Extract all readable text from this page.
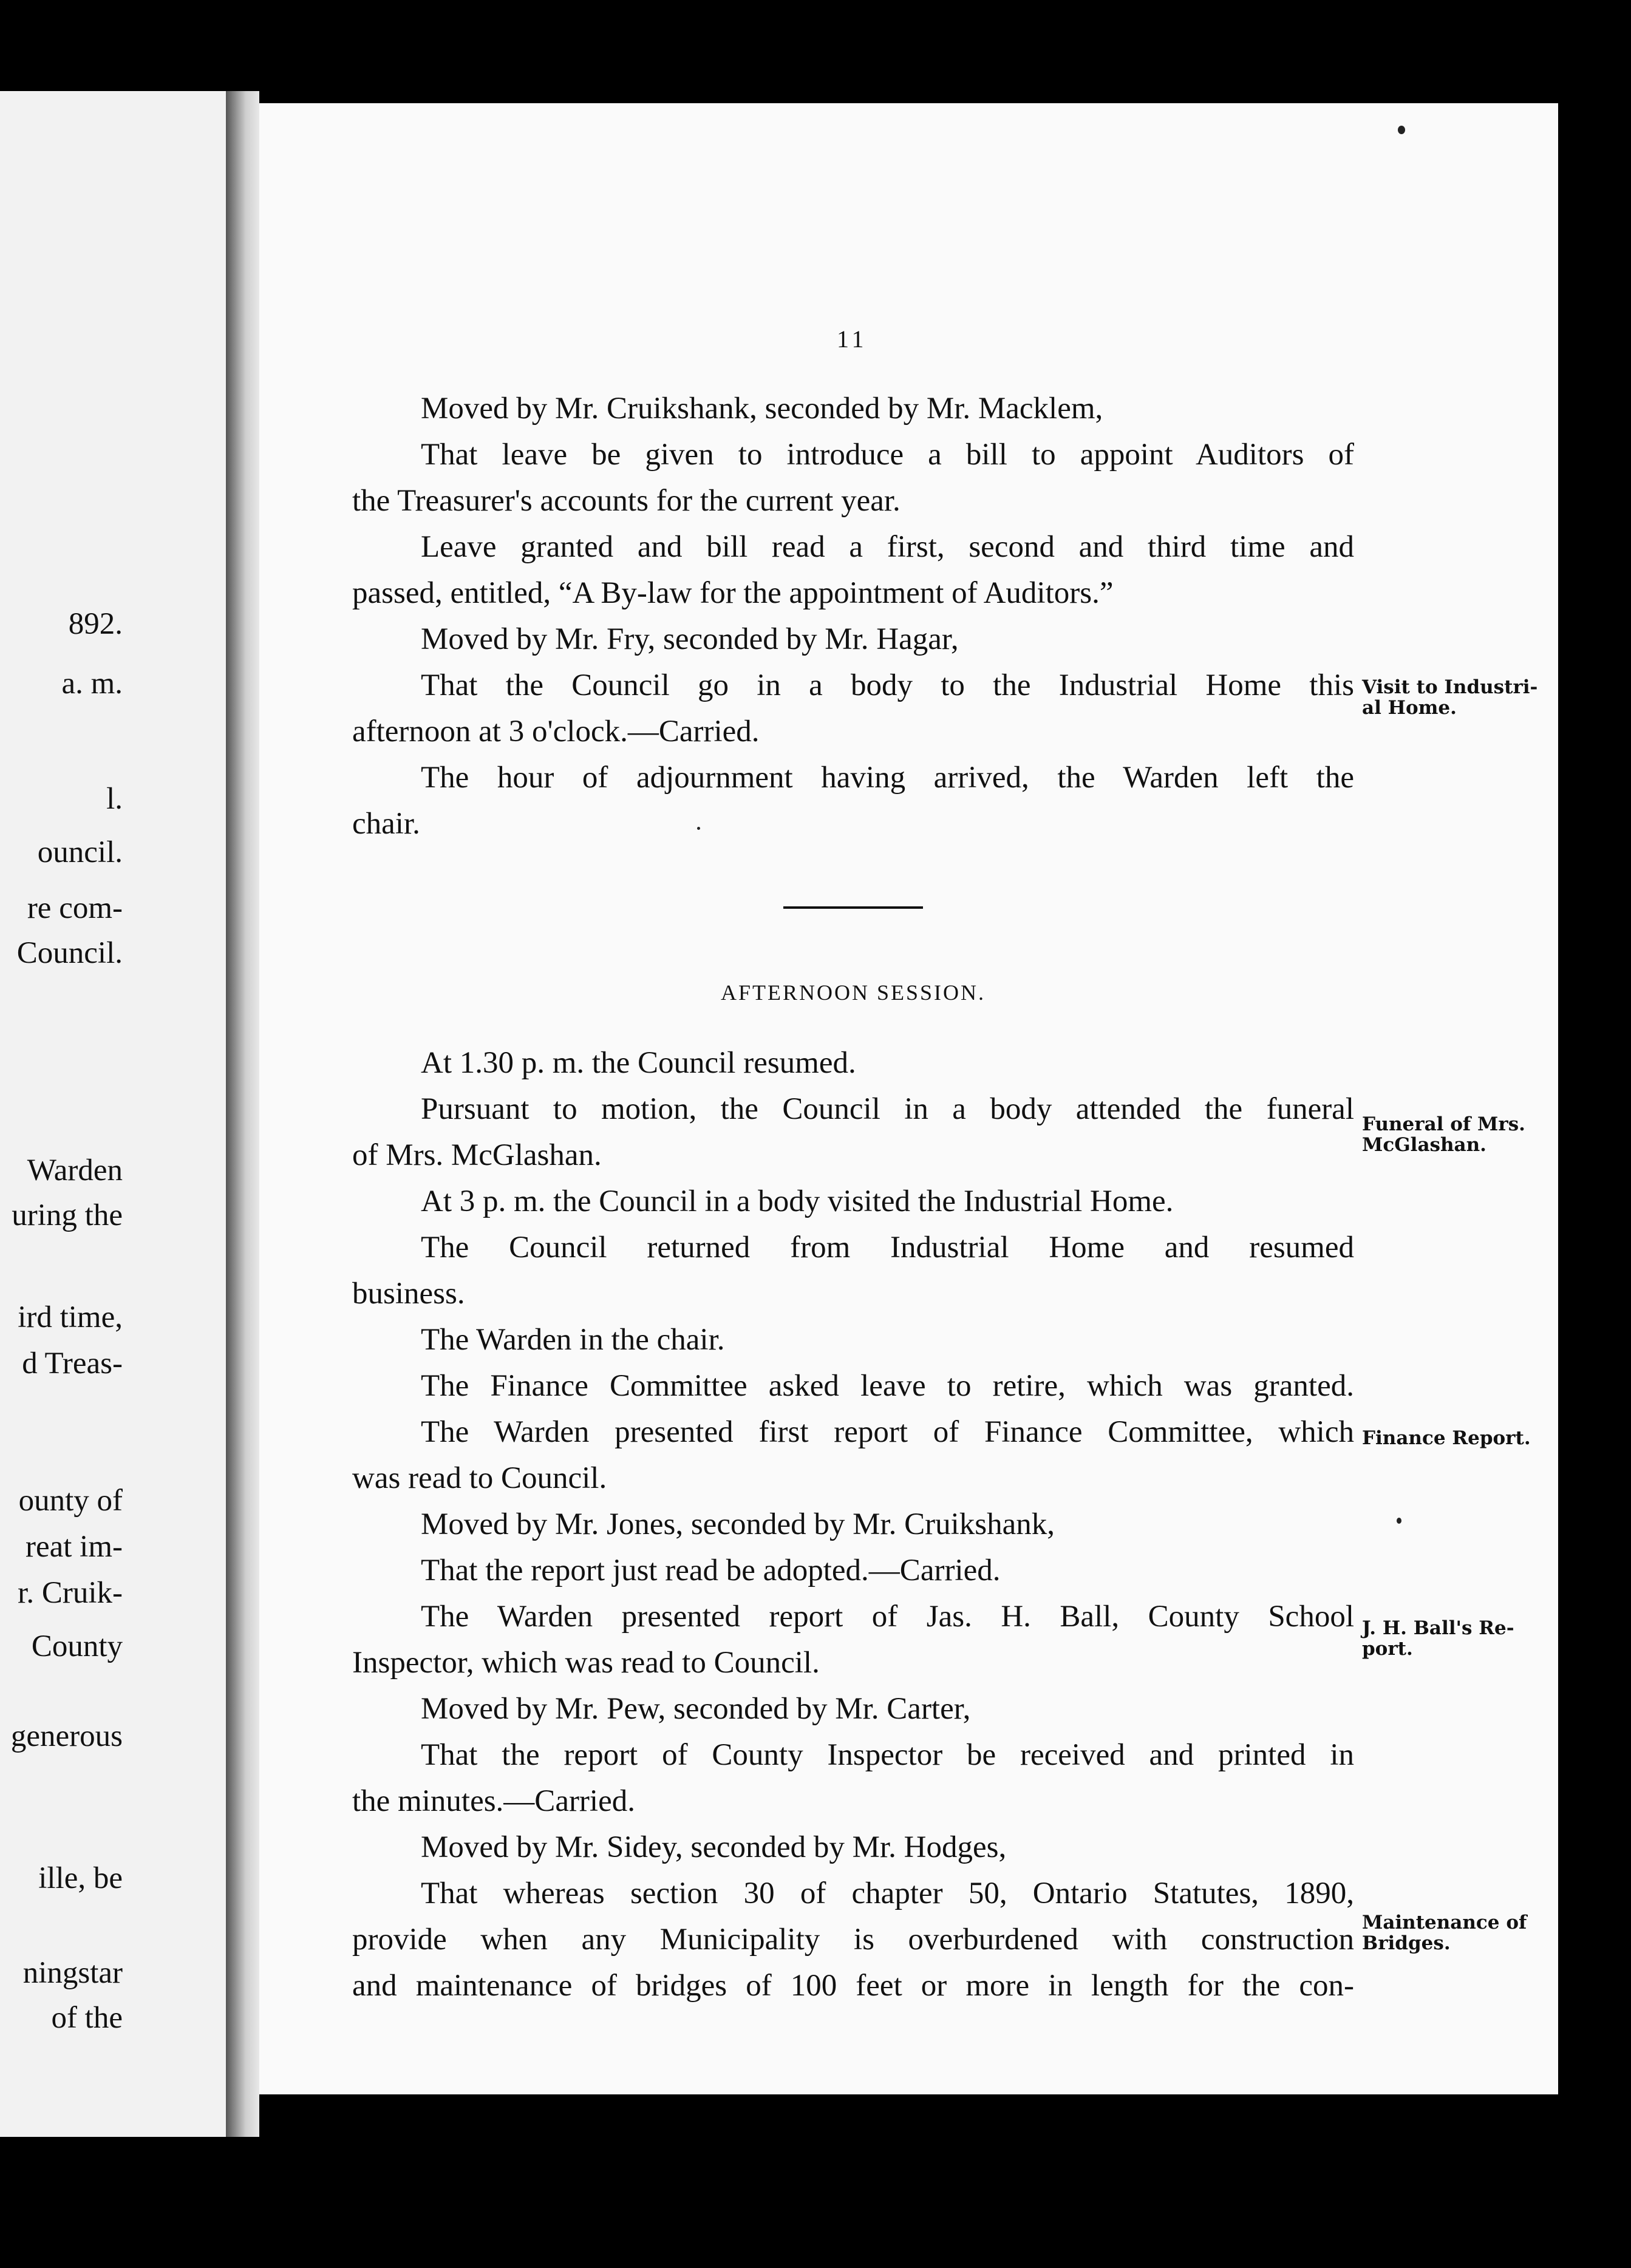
892.
a. m.
l.
ouncil.
re com-
Council.
Warden
uring the
ird time,
d Treas-
ounty of
reat im-
r. Cruik-
County
generous
ille, be
ningstar
of the
11
Moved by Mr. Cruikshank, seconded by Mr. Macklem,
That leave be given to introduce a bill to appoint Auditors of
the Treasurer's accounts for the current year.
Leave granted and bill read a first, second and third time and
passed, entitled, “A By-law for the appointment of Auditors.”
Moved by Mr. Fry, seconded by Mr. Hagar,
That the Council go in a body to the Industrial Home this
afternoon at 3 o'clock.—Carried.
The hour of adjournment having arrived, the Warden left the
chair.
AFTERNOON SESSION.
At 1.30 p. m. the Council resumed.
Pursuant to motion, the Council in a body attended the funeral
of Mrs. McGlashan.
At 3 p. m. the Council in a body visited the Industrial Home.
The Council returned from Industrial Home and resumed
business.
The Warden in the chair.
The Finance Committee asked leave to retire, which was granted.
The Warden presented first report of Finance Committee, which
was read to Council.
Moved by Mr. Jones, seconded by Mr. Cruikshank,
That the report just read be adopted.—Carried.
The Warden presented report of Jas. H. Ball, County School
Inspector, which was read to Council.
Moved by Mr. Pew, seconded by Mr. Carter,
That the report of County Inspector be received and printed in
the minutes.—Carried.
Moved by Mr. Sidey, seconded by Mr. Hodges,
That whereas section 30 of chapter 50, Ontario Statutes, 1890,
provide when any Municipality is overburdened with construction
and maintenance of bridges of 100 feet or more in length for the con-
Visit to Industri-al Home.
Funeral of Mrs. McGlashan.
Finance Report.
J. H. Ball's Re-port.
Maintenance of Bridges.
